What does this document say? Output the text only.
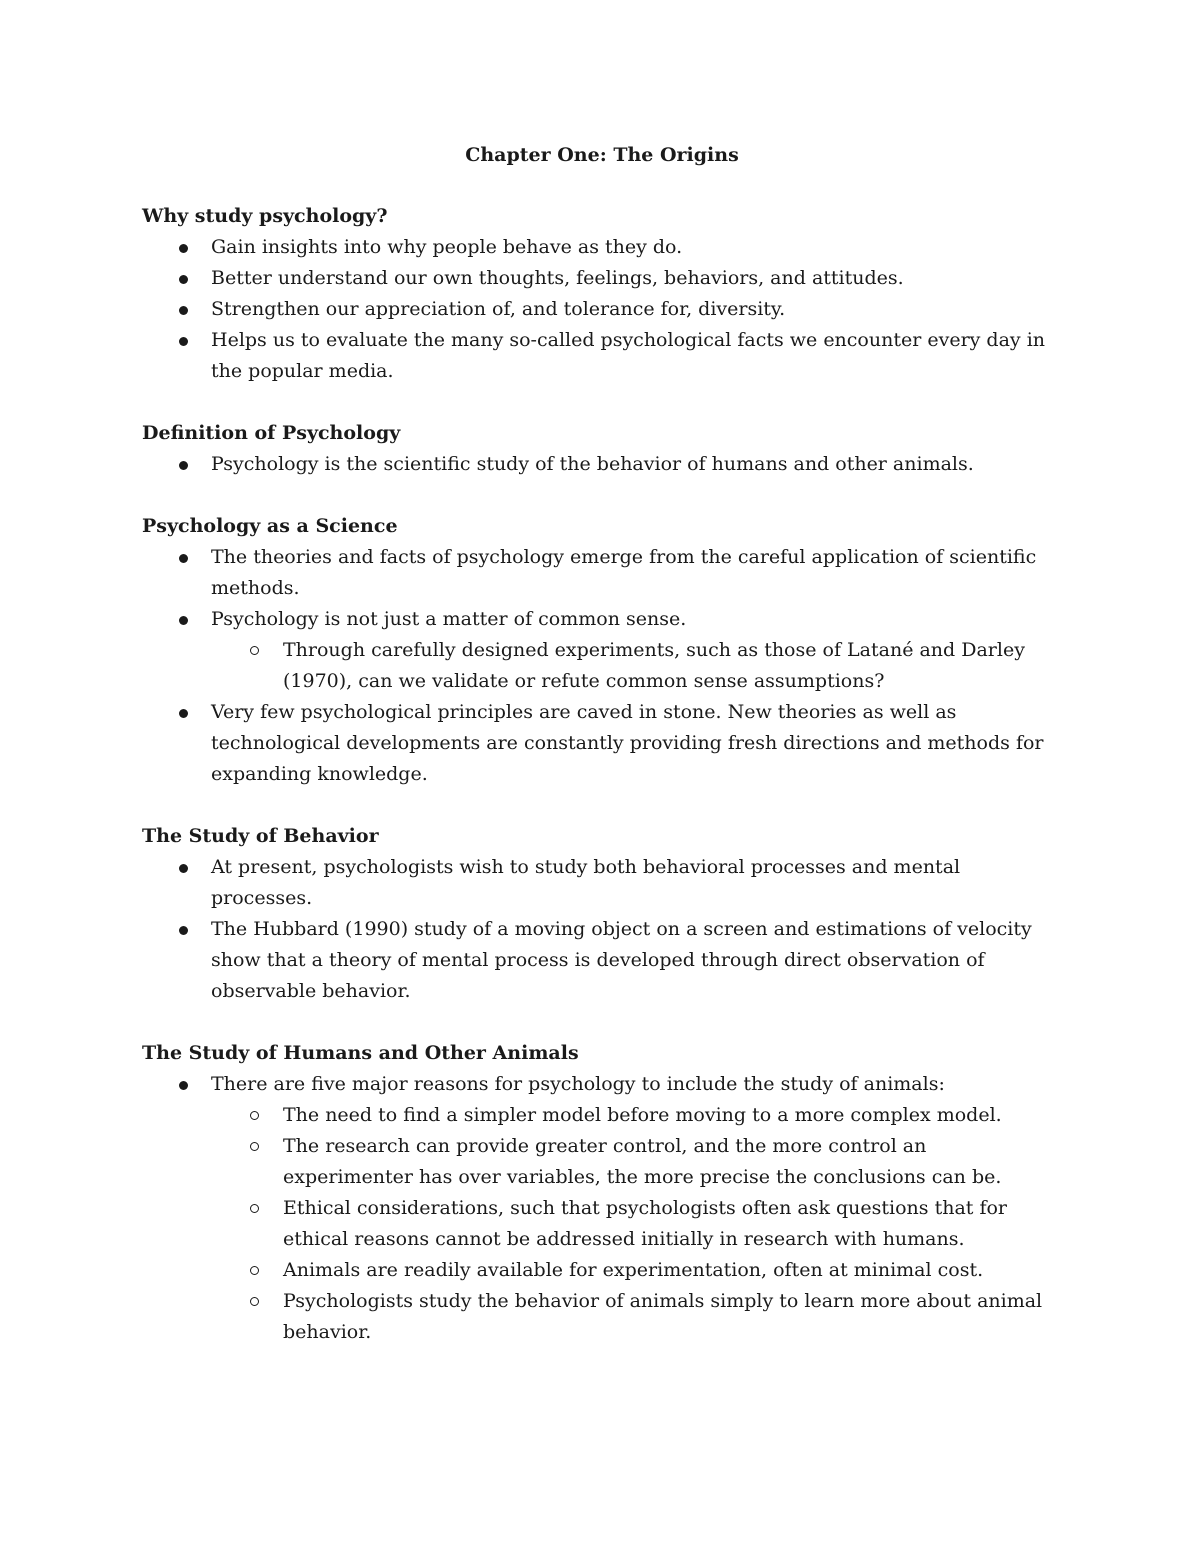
Chapter One: The Origins
Why study psychology?
Gain insights into why people behave as they do.
Better understand our own thoughts, feelings, behaviors, and attitudes.
Strengthen our appreciation of, and tolerance for, diversity.
Helps us to evaluate the many so-called psychological facts we encounter every day in the popular media.
Definition of Psychology
Psychology is the scientific study of the behavior of humans and other animals.
Psychology as a Science
The theories and facts of psychology emerge from the careful application of scientific methods.
Psychology is not just a matter of common sense.
Through carefully designed experiments, such as those of Latané and Darley (1970), can we validate or refute common sense assumptions?
Very few psychological principles are caved in stone. New theories as well as technological developments are constantly providing fresh directions and methods for expanding knowledge.
The Study of Behavior
At present, psychologists wish to study both behavioral processes and mental processes.
The Hubbard (1990) study of a moving object on a screen and estimations of velocity show that a theory of mental process is developed through direct observation of observable behavior.
The Study of Humans and Other Animals
There are five major reasons for psychology to include the study of animals:
The need to find a simpler model before moving to a more complex model.
The research can provide greater control, and the more control an experimenter has over variables, the more precise the conclusions can be.
Ethical considerations, such that psychologists often ask questions that for ethical reasons cannot be addressed initially in research with humans.
Animals are readily available for experimentation, often at minimal cost.
Psychologists study the behavior of animals simply to learn more about animal behavior.
